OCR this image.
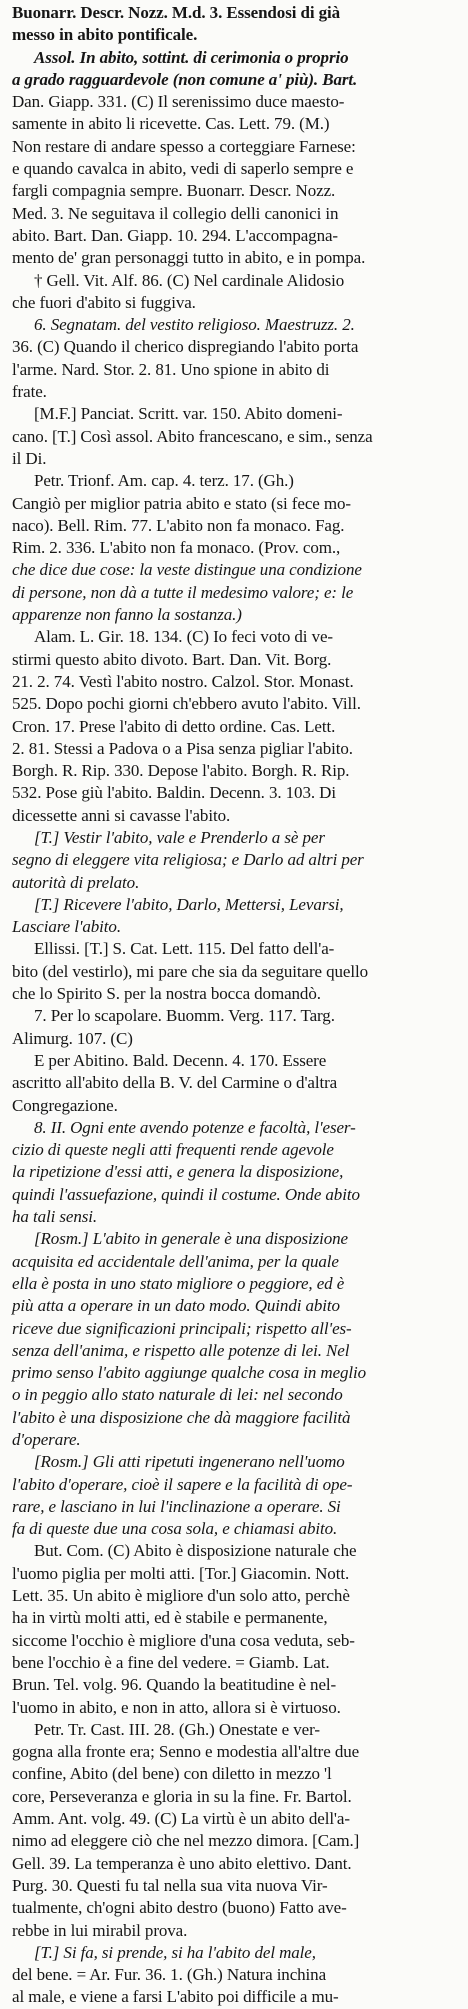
Buonarr. Descr. Nozz. M.d. 3. Essendosi di già
messo in abito pontificale.
Assol. In abito, sottint. di cerimonia o proprio
a grado ragguardevole (non comune a' più). Bart.
Dan. Giapp. 331. (C) Il serenissimo duce maesto-
samente in abito li ricevette. Cas. Lett. 79. (M.)
Non restare di andare spesso a corteggiare Farnese:
e quando cavalca in abito, vedi di saperlo sempre e
fargli compagnia sempre. Buonarr. Descr. Nozz.
Med. 3. Ne seguitava il collegio delli canonici in
abito. Bart. Dan. Giapp. 10. 294. L'accompagna-
mento de' gran personaggi tutto in abito, e in pompa.
† Gell. Vit. Alf. 86. (C) Nel cardinale Alidosio
che fuori d'abito si fuggiva.
6. Segnatam. del vestito religioso. Maestruzz. 2.
36. (C) Quando il cherico dispregiando l'abito porta
l'arme. Nard. Stor. 2. 81. Uno spione in abito di
frate.
[M.F.] Panciat. Scritt. var. 150. Abito domeni-
cano. [T.] Così assol. Abito francescano, e sim., senza
il Di.
Petr. Trionf. Am. cap. 4. terz. 17. (Gh.)
Cangiò per miglior patria abito e stato (si fece mo-
naco). Bell. Rim. 77. L'abito non fa monaco. Fag.
Rim. 2. 336. L'abito non fa monaco. (Prov. com.,
che dice due cose: la veste distingue una condizione
di persone, non dà a tutte il medesimo valore; e: le
apparenze non fanno la sostanza.)
Alam. L. Gir. 18. 134. (C) Io feci voto di ve-
stirmi questo abito divoto. Bart. Dan. Vit. Borg.
21. 2. 74. Vestì l'abito nostro. Calzol. Stor. Monast.
525. Dopo pochi giorni ch'ebbero avuto l'abito. Vill.
Cron. 17. Prese l'abito di detto ordine. Cas. Lett.
2. 81. Stessi a Padova o a Pisa senza pigliar l'abito.
Borgh. R. Rip. 330. Depose l'abito. Borgh. R. Rip.
532. Pose giù l'abito. Baldin. Decenn. 3. 103. Di
dicessette anni si cavasse l'abito.
[T.] Vestir l'abito, vale e Prenderlo a sè per
segno di eleggere vita religiosa; e Darlo ad altri per
autorità di prelato.
[T.] Ricevere l'abito, Darlo, Mettersi, Levarsi,
Lasciare l'abito.
Ellissi. [T.] S. Cat. Lett. 115. Del fatto dell'a-
bito (del vestirlo), mi pare che sia da seguitare quello
che lo Spirito S. per la nostra bocca domandò.
7. Per lo scapolare. Buomm. Verg. 117. Targ.
Alimurg. 107. (C)
E per Abitino. Bald. Decenn. 4. 170. Essere
ascritto all'abito della B. V. del Carmine o d'altra
Congregazione.
8. II. Ogni ente avendo potenze e facoltà, l'eser-
cizio di queste negli atti frequenti rende agevole
la ripetizione d'essi atti, e genera la disposizione,
quindi l'assuefazione, quindi il costume. Onde abito
ha tali sensi.
[Rosm.] L'abito in generale è una disposizione
acquisita ed accidentale dell'anima, per la quale
ella è posta in uno stato migliore o peggiore, ed è
più atta a operare in un dato modo. Quindi abito
riceve due significazioni principali; rispetto all'es-
senza dell'anima, e rispetto alle potenze di lei. Nel
primo senso l'abito aggiunge qualche cosa in meglio
o in peggio allo stato naturale di lei: nel secondo
l'abito è una disposizione che dà maggiore facilità
d'operare.
[Rosm.] Gli atti ripetuti ingenerano nell'uomo
l'abito d'operare, cioè il sapere e la facilità di ope-
rare, e lasciano in lui l'inclinazione a operare. Si
fa di queste due una cosa sola, e chiamasi abito.
But. Com. (C) Abito è disposizione naturale che
l'uomo piglia per molti atti. [Tor.] Giacomin. Nott.
Lett. 35. Un abito è migliore d'un solo atto, perchè
ha in virtù molti atti, ed è stabile e permanente,
siccome l'occhio è migliore d'una cosa veduta, seb-
bene l'occhio è a fine del vedere. = Giamb. Lat.
Brun. Tel. volg. 96. Quando la beatitudine è nel-
l'uomo in abito, e non in atto, allora si è virtuoso.
Petr. Tr. Cast. III. 28. (Gh.) Onestate e ver-
gogna alla fronte era; Senno e modestia all'altre due
confine, Abito (del bene) con diletto in mezzo 'l
core, Perseveranza e gloria in su la fine. Fr. Bartol.
Amm. Ant. volg. 49. (C) La virtù è un abito dell'a-
nimo ad eleggere ciò che nel mezzo dimora. [Cam.]
Gell. 39. La temperanza è uno abito elettivo. Dant.
Purg. 30. Questi fu tal nella sua vita nuova Vir-
tualmente, ch'ogni abito destro (buono) Fatto ave-
rebbe in lui mirabil prova.
[T.] Si fa, si prende, si ha l'abito del male,
del bene. = Ar. Fur. 36. 1. (Gh.) Natura inchina
al male, e viene a farsi L'abito poi difficile a mu-
